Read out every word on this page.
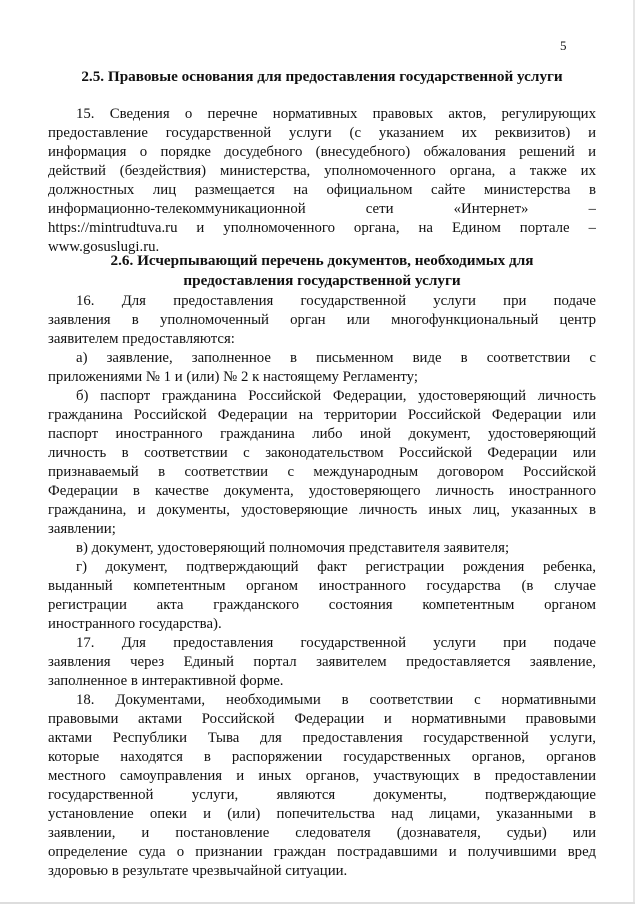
5
2.5. Правовые основания для предоставления государственной услуги
15. Сведения о перечне нормативных правовых актов, регулирующих
предоставление государственной услуги (с указанием их реквизитов) и
информация о порядке досудебного (внесудебного) обжалования решений и
действий (бездействия) министерства, уполномоченного органа, а также их
должностных лиц размещается на официальном сайте министерства в
информационно-телекоммуникационной сети «Интернет» –
https://mintrudtuva.ru и уполномоченного органа, на Едином портале –
www.gosuslugi.ru.
2.6. Исчерпывающий перечень документов, необходимых для
предоставления государственной услуги
16. Для предоставления государственной услуги при подаче
заявления в уполномоченный орган или многофункциональный центр
заявителем предоставляются:
а) заявление, заполненное в письменном виде в соответствии с
приложениями № 1 и (или) № 2 к настоящему Регламенту;
б) паспорт гражданина Российской Федерации, удостоверяющий личность
гражданина Российской Федерации на территории Российской Федерации или
паспорт иностранного гражданина либо иной документ, удостоверяющий
личность в соответствии с законодательством Российской Федерации или
признаваемый в соответствии с международным договором Российской
Федерации в качестве документа, удостоверяющего личность иностранного
гражданина, и документы, удостоверяющие личность иных лиц, указанных в
заявлении;
в) документ, удостоверяющий полномочия представителя заявителя;
г) документ, подтверждающий факт регистрации рождения ребенка,
выданный компетентным органом иностранного государства (в случае
регистрации акта гражданского состояния компетентным органом
иностранного государства).
17. Для предоставления государственной услуги при подаче
заявления через Единый портал заявителем предоставляется заявление,
заполненное в интерактивной форме.
18. Документами, необходимыми в соответствии с нормативными
правовыми актами Российской Федерации и нормативными правовыми
актами Республики Тыва для предоставления государственной услуги,
которые находятся в распоряжении государственных органов, органов
местного самоуправления и иных органов, участвующих в предоставлении
государственной услуги, являются документы, подтверждающие
установление опеки и (или) попечительства над лицами, указанными в
заявлении, и постановление следователя (дознавателя, судьи) или
определение суда о признании граждан пострадавшими и получившими вред
здоровью в результате чрезвычайной ситуации.
